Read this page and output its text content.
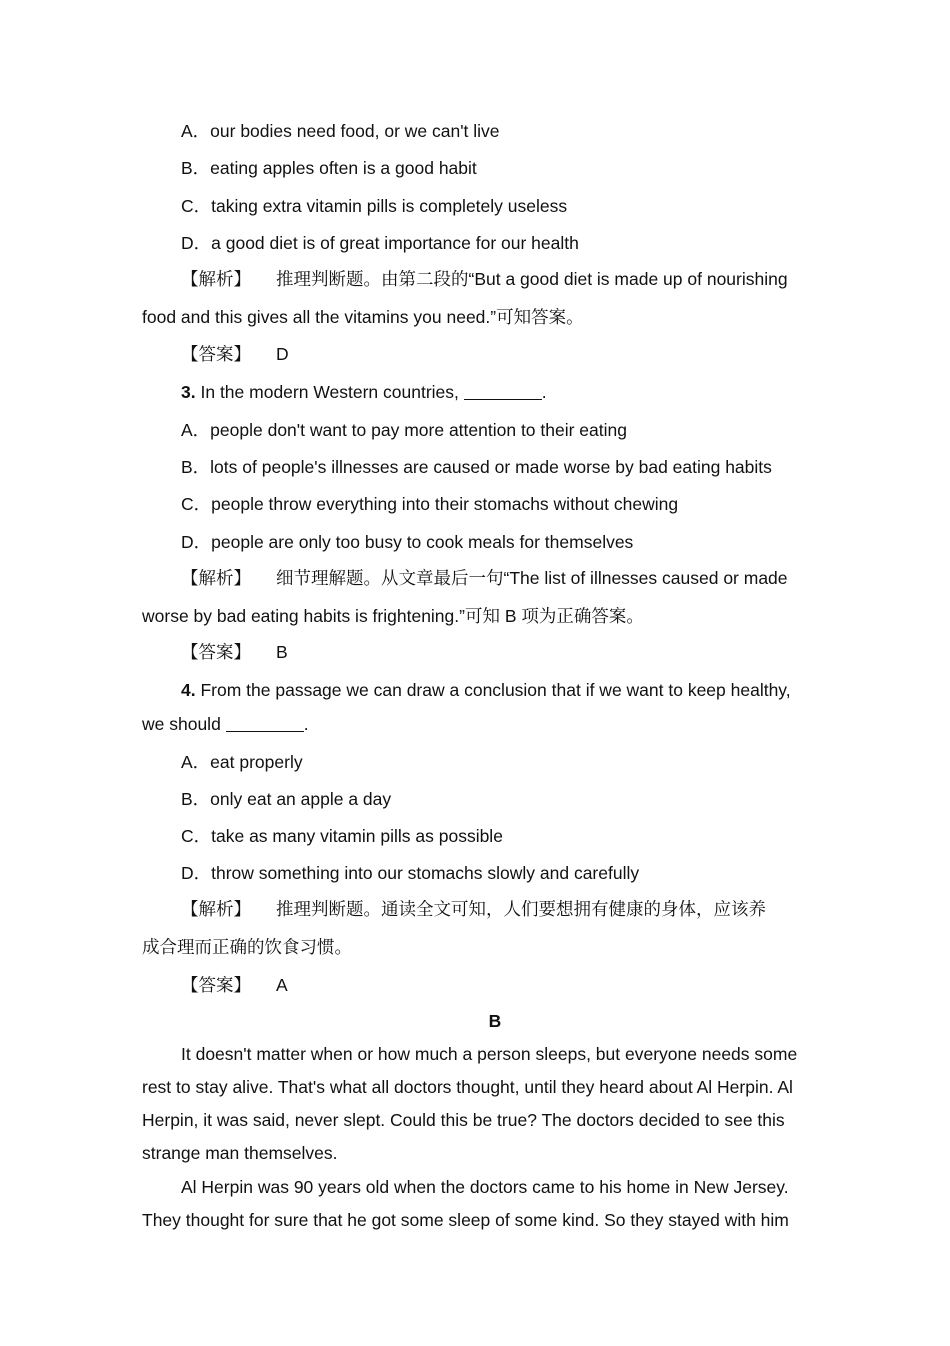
A．our bodies need food, or we can't live
B．eating apples often is a good habit
C．taking extra vitamin pills is completely useless
D．a good diet is of great importance for our health
【解析】 推理判断题。由第二段的“But a good diet is made up of nourishing
food and this gives all the vitamins you need.”可知答案。
【答案】 D
3. In the modern Western countries,	.
A．people don't want to pay more attention to their eating
B．lots of people's illnesses are caused or made worse by bad eating habits
C．people throw everything into their stomachs without chewing
D．people are only too busy to cook meals for themselves
【解析】 细节理解题。从文章最后一句“The list of illnesses caused or made
worse by bad eating habits is frightening.”可知 B 项为正确答案。
【答案】 B
4. From the passage we can draw a conclusion that if we want to keep healthy,
we should	.
A．eat properly
B．only eat an apple a day
C．take as many vitamin pills as possible
D．throw something into our stomachs slowly and carefully
【解析】 推理判断题。通读全文可知，人们要想拥有健康的身体，应该养
成合理而正确的饮食习惯。
【答案】 A
B
It doesn't matter when or how much a person sleeps, but everyone needs some
rest to stay alive. That's what all doctors thought, until they heard about Al Herpin. Al
Herpin, it was said, never slept. Could this be true? The doctors decided to see this
strange man themselves.
Al Herpin was 90 years old when the doctors came to his home in New Jersey.
They thought for sure that he got some sleep of some kind. So they stayed with him
